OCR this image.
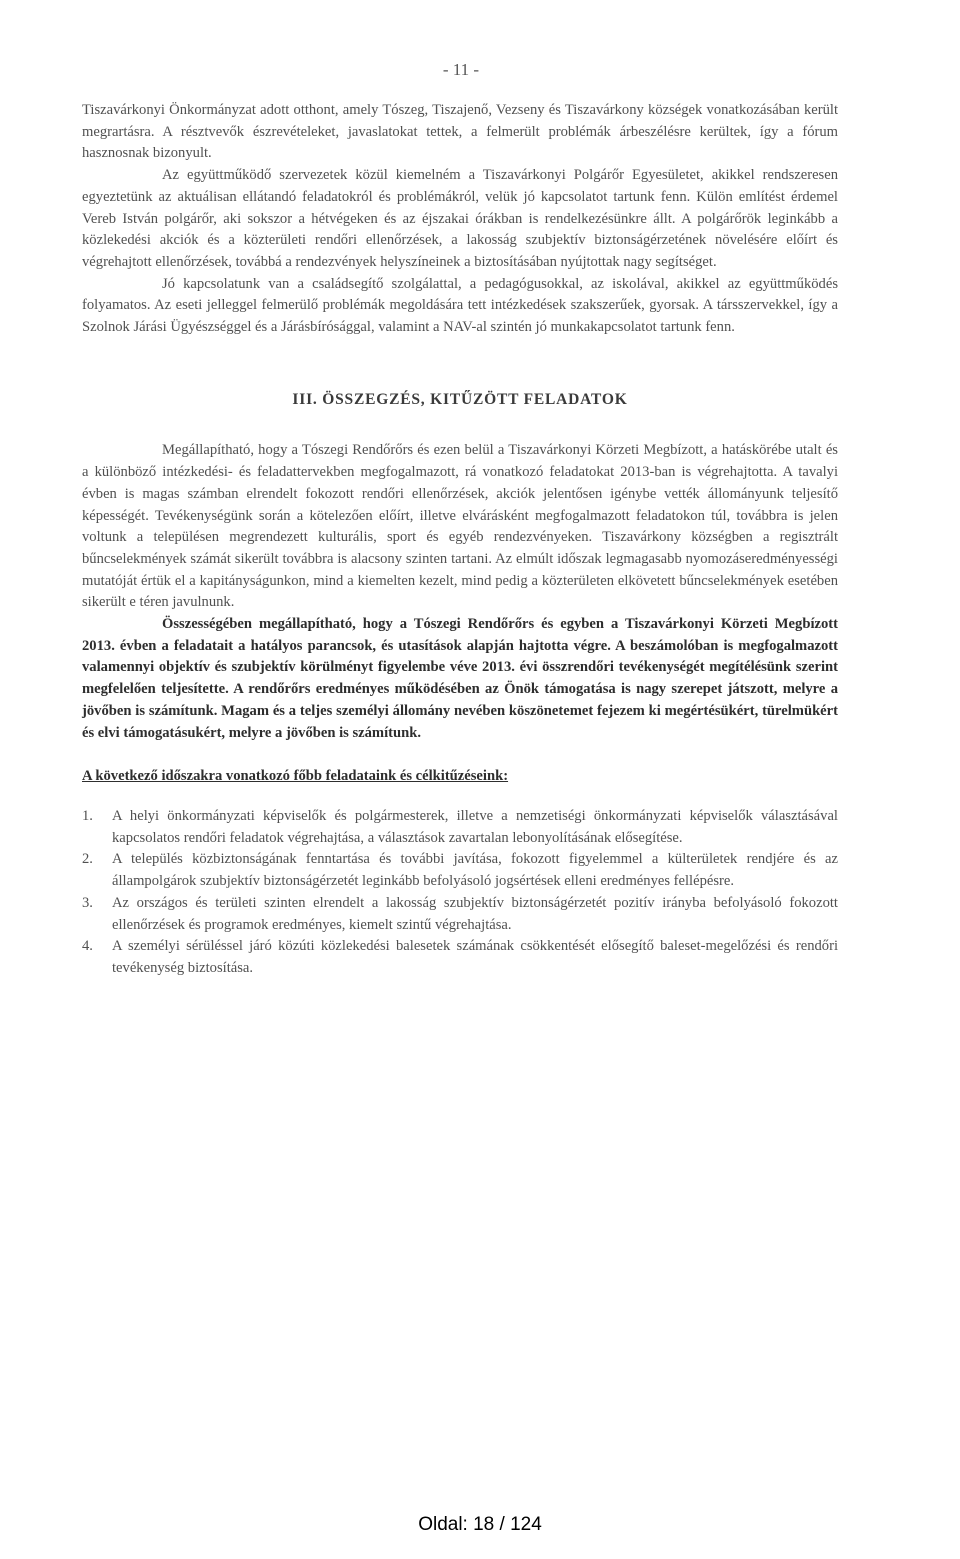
- 11 -

Tiszavárkonyi Önkormányzat adott otthont, amely Tószeg, Tiszajenő, Vezseny és Tiszavárkony községek vonatkozásában került megrartásra. A résztvevők észrevételeket, javaslatokat tettek, a felmerült problémák árbeszélésre kerültek, így a fórum hasznosnak bizonyult.

Az együttműködő szervezetek közül kiemelném a Tiszavárkonyi Polgárőr Egyesületet, akikkel rendszeresen egyeztetünk az aktuálisan ellátandó feladatokról és problémákról, velük jó kapcsolatot tartunk fenn. Külön említést érdemel Vereb István polgárőr, aki sokszor a hétvégeken és az éjszakai órákban is rendelkezésünkre állt. A polgárőrök leginkább a közlekedési akciók és a közterületi rendőri ellenőrzések, a lakosság szubjektív biztonságérzetének növelésére előírt és végrehajtott ellenőrzések, továbbá a rendezvények helyszíneinek a biztosításában nyújtottak nagy segítséget.

Jó kapcsolatunk van a családsegítő szolgálattal, a pedagógusokkal, az iskolával, akikkel az együttműködés folyamatos. Az eseti jelleggel felmerülő problémák megoldására tett intézkedések szakszerűek, gyorsak. A társszervekkel, így a Szolnok Járási Ügyészséggel és a Járásbírósággal, valamint a NAV-al szintén jó munkakapcsolatot tartunk fenn.

III. ÖSSZEGZÉS, KITŰZÖTT FELADATOK

Megállapítható, hogy a Tószegi Rendőrőrs és ezen belül a Tiszavárkonyi Körzeti Megbízott, a hatáskörébe utalt és a különböző intézkedési- és feladattervekben megfogalmazott, rá vonatkozó feladatokat 2013-ban is végrehajtotta. A tavalyi évben is magas számban elrendelt fokozott rendőri ellenőrzések, akciók jelentősen igénybe vették állományunk teljesítő képességét. Tevékenységünk során a kötelezően előírt, illetve elvárásként megfogalmazott feladatokon túl, továbbra is jelen voltunk a településen megrendezett kulturális, sport és egyéb rendezvényeken. Tiszavárkony községben a regisztrált bűncselekmények számát sikerült továbbra is alacsony szinten tartani. Az elmúlt időszak legmagasabb nyomozáseredményességi mutatóját értük el a kapitányságunkon, mind a kiemelten kezelt, mind pedig a közterületen elkövetett bűncselekmények esetében sikerült e téren javulnunk.

Összességében megállapítható, hogy a Tószegi Rendőrőrs és egyben a Tiszavárkonyi Körzeti Megbízott 2013. évben a feladatait a hatályos parancsok, és utasítások alapján hajtotta végre. A beszámolóban is megfogalmazott valamennyi objektív és szubjektív körülményt figyelembe véve 2013. évi összrendőri tevékenységét megítélésünk szerint megfelelően teljesítette. A rendőrőrs eredményes működésében az Önök támogatása is nagy szerepet játszott, melyre a jövőben is számítunk. Magam és a teljes személyi állomány nevében köszönetemet fejezem ki megértésükért, türelmükért és elvi támogatásukért, melyre a jövőben is számítunk.

A következő időszakra vonatkozó főbb feladataink és célkitűzéseink:

1. A helyi önkormányzati képviselők és polgármesterek, illetve a nemzetiségi önkormányzati képviselők választásával kapcsolatos rendőri feladatok végrehajtása, a választások zavartalan lebonyolításának elősegítése.
2. A település közbiztonságának fenntartása és további javítása, fokozott figyelemmel a külterületek rendjére és az állampolgárok szubjektív biztonságérzetét leginkább befolyásoló jogsértések elleni eredményes fellépésre.
3. Az országos és területi szinten elrendelt a lakosság szubjektív biztonságérzetét pozitív irányba befolyásoló fokozott ellenőrzések és programok eredményes, kiemelt szintű végrehajtása.
4. A személyi sérüléssel járó közúti közlekedési balesetek számának csökkentését elősegítő baleset-megelőzési és rendőri tevékenység biztosítása.
Oldal: 18 / 124
